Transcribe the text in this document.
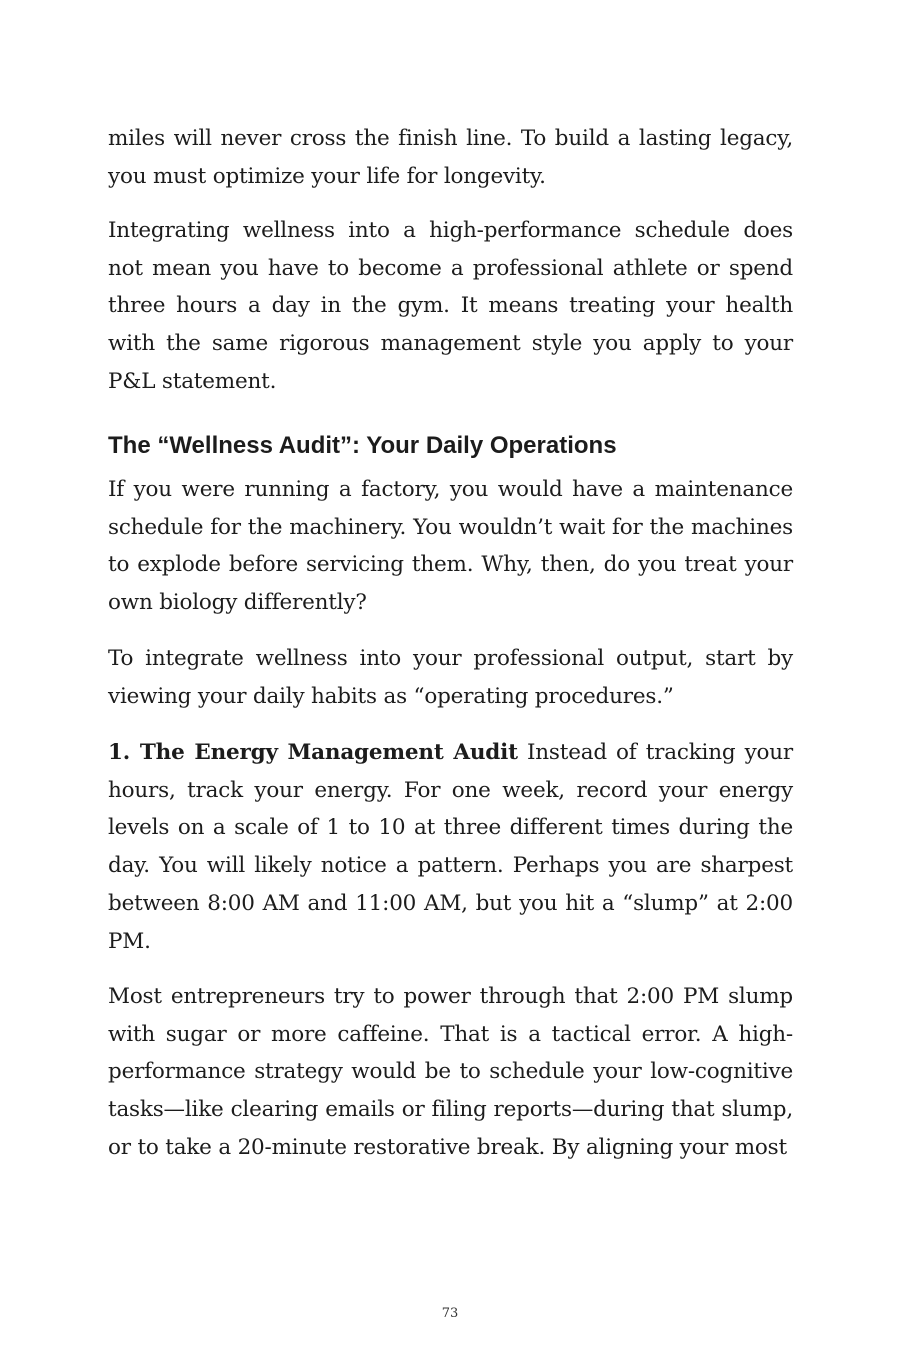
miles will never cross the finish line. To build a lasting legacy, you must optimize your life for longevity.

Integrating wellness into a high-performance schedule does not mean you have to become a professional athlete or spend three hours a day in the gym. It means treating your health with the same rigorous management style you apply to your P&L statement.

The “Wellness Audit”: Your Daily Operations

If you were running a factory, you would have a maintenance schedule for the machinery. You wouldn’t wait for the machines to explode before servicing them. Why, then, do you treat your own biology differently?

To integrate wellness into your professional output, start by viewing your daily habits as “operating procedures.”

1. The Energy Management Audit Instead of tracking your hours, track your energy. For one week, record your energy levels on a scale of 1 to 10 at three different times during the day. You will likely notice a pattern. Perhaps you are sharpest between 8:00 AM and 11:00 AM, but you hit a “slump” at 2:00 PM.

Most entrepreneurs try to power through that 2:00 PM slump with sugar or more caffeine. That is a tactical error. A high-performance strategy would be to schedule your low-cognitive tasks—like clearing emails or filing reports—during that slump, or to take a 20-minute restorative break. By aligning your most

73
